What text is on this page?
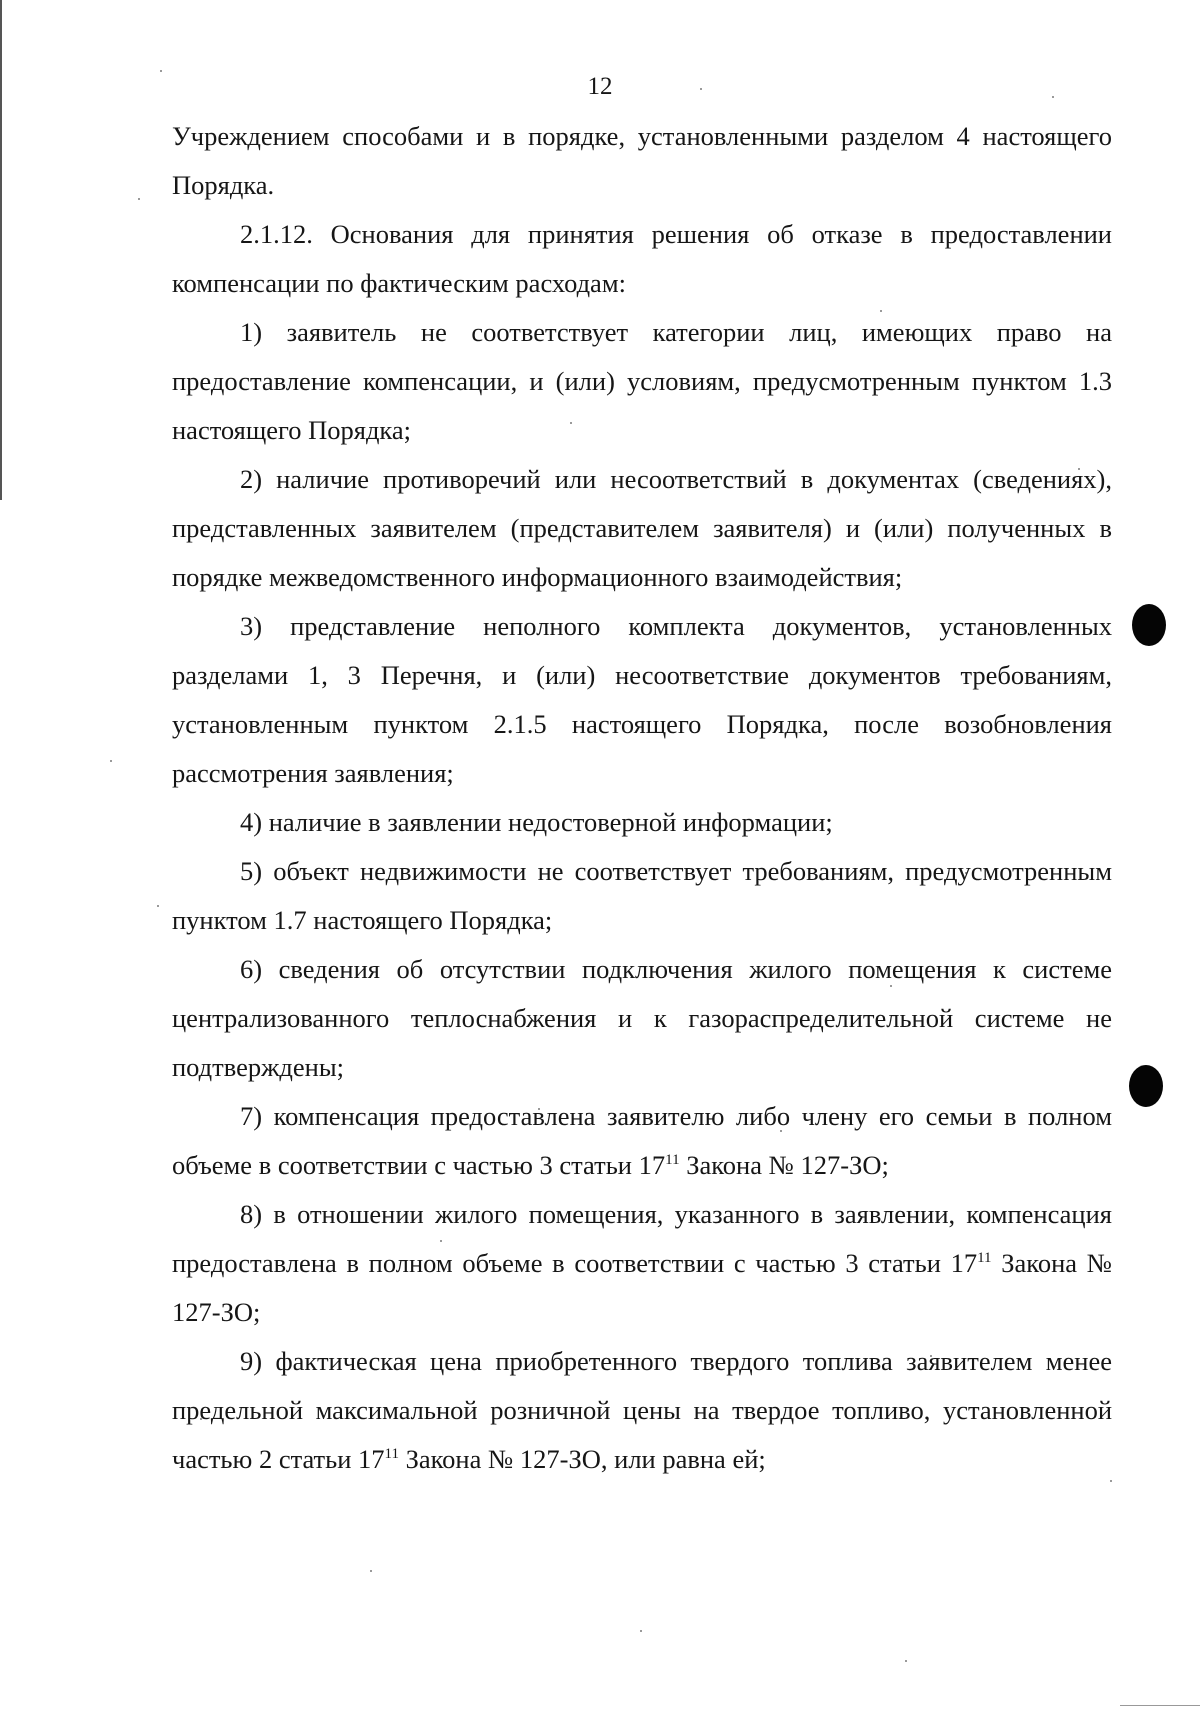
12

Учреждением способами и в порядке, установленными разделом 4 настоящего Порядка.

2.1.12. Основания для принятия решения об отказе в предоставлении компенсации по фактическим расходам:

1) заявитель не соответствует категории лиц, имеющих право на предоставление компенсации, и (или) условиям, предусмотренным пунктом 1.3 настоящего Порядка;

2) наличие противоречий или несоответствий в документах (сведениях), представленных заявителем (представителем заявителя) и (или) полученных в порядке межведомственного информационного взаимодействия;

3) представление неполного комплекта документов, установленных разделами 1, 3 Перечня, и (или) несоответствие документов требованиям, установленным пунктом 2.1.5 настоящего Порядка, после возобновления рассмотрения заявления;

4) наличие в заявлении недостоверной информации;

5) объект недвижимости не соответствует требованиям, предусмотренным пунктом 1.7 настоящего Порядка;

6) сведения об отсутствии подключения жилого помещения к системе централизованного теплоснабжения и к газораспределительной системе не подтверждены;

7) компенсация предоставлена заявителю либо члену его семьи в полном объеме в соответствии с частью 3 статьи $17^{11}$ Закона № 127-ЗО;

8) в отношении жилого помещения, указанного в заявлении, компенсация предоставлена в полном объеме в соответствии с частью 3 статьи $17^{11}$ Закона № 127-ЗО;

9) фактическая цена приобретенного твердого топлива заявителем менее предельной максимальной розничной цены на твердое топливо, установленной частью 2 статьи $17^{11}$ Закона № 127-ЗО, или равна ей;
